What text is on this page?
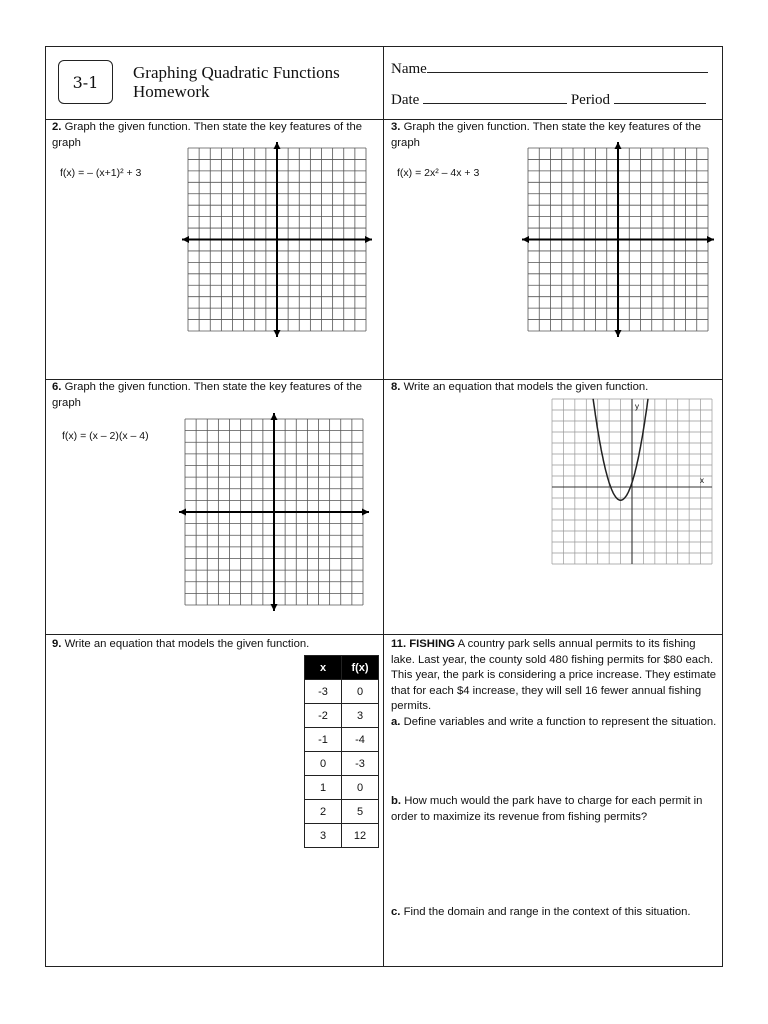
3-1 Graphing Quadratic Functions
Homework
Name
Date	Period
2. Graph the given function. Then state the key features of the graph
f(x) = – (x+1)² + 3
3. Graph the given function. Then state the key features of the graph
f(x) = 2x² – 4x + 3
6. Graph the given function. Then state the key features of the graph
f(x) = (x – 2)(x – 4)
8. Write an equation that models the given function.
x
y
9. Write an equation that models the given function.
x	f(x)
-3	0
-2	3
-1	-4
0	-3
1	0
2	5
3	12
11. FISHING A country park sells annual permits to its fishing lake. Last year, the county sold 480 fishing permits for $80 each. This year, the park is considering a price increase. They estimate that for each $4 increase, they will sell 16 fewer annual fishing permits.
a. Define variables and write a function to represent the situation.
b. How much would the park have to charge for each permit in order to maximize its revenue from fishing permits?
c. Find the domain and range in the context of this situation.
